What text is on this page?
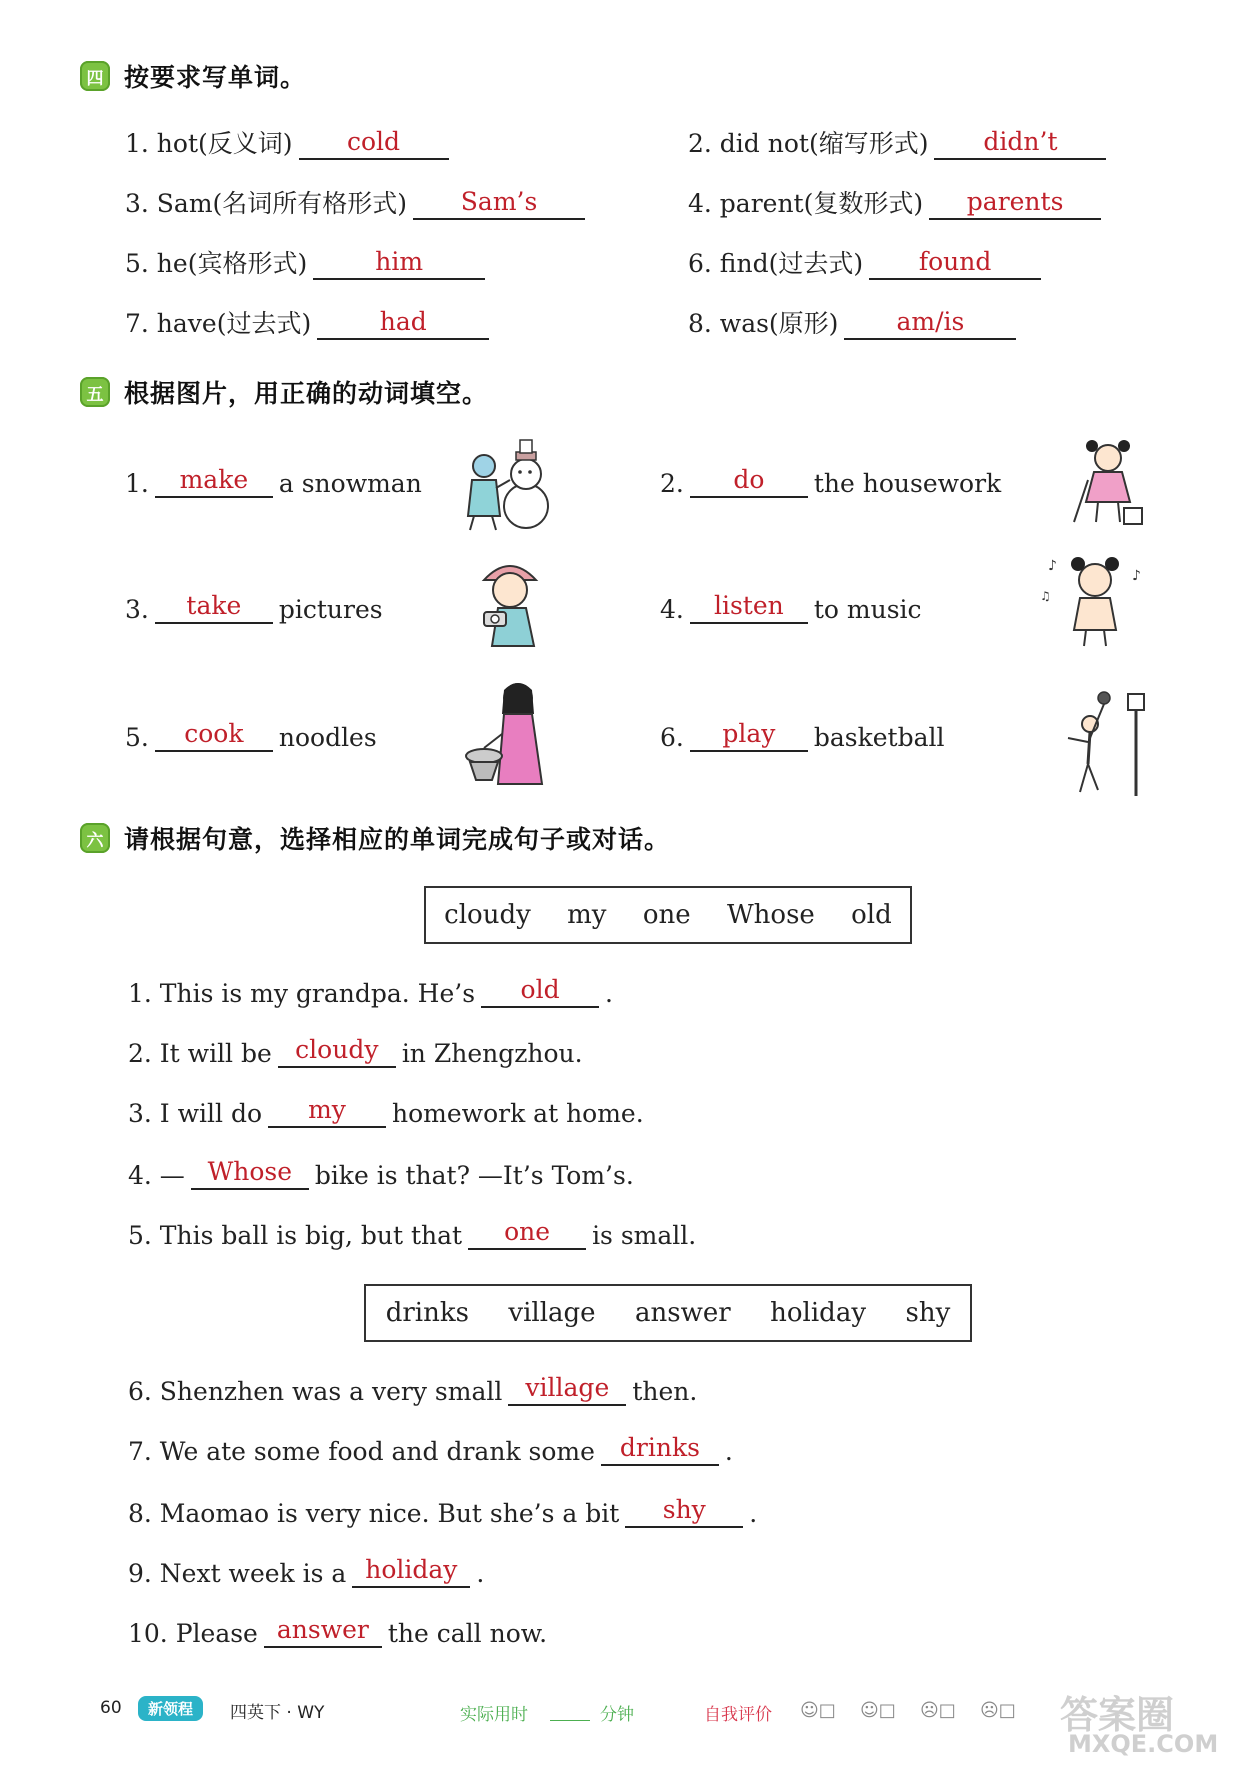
四 按要求写单词。
1. hot(反义词)	cold	2. did not(缩写形式)	didn’t
3. Sam(名词所有格形式)	Sam’s	4. parent(复数形式)	parents
5. he(宾格形式)	him	6. find(过去式)	found
7. have(过去式)	had	8. was(原形)	am/is
五 根据图片，用正确的动词填空。
1.	make	a snowman	2.	do	the housework
3.	take	pictures	4.	listen	to music
5.	cook	noodles	6.	play	basketball
♪
♪
♫
六 请根据句意，选择相应的单词完成句子或对话。
cloudy my one Whose old
1. This is my grandpa. He’s	old	.
2. It will be cloudy in Zhengzhou.
3. I will do	my	homework at home.
4. — Whose bike is that? —It’s Tom’s.
5. This ball is big, but that	one	is small.
drinks village answer holiday shy
6. Shenzhen was a very small village then.
7. We ate some food and drank some drinks .
8. Maomao is very nice. But she’s a bit	shy	.
9. Next week is a holiday .
10. Please answer the call now.
60	新领程	四英下 · WY	实际用时	分钟	自我评价 ☺□ ☺□ ☹□ ☹□ 答案圈
MXQE.COM
